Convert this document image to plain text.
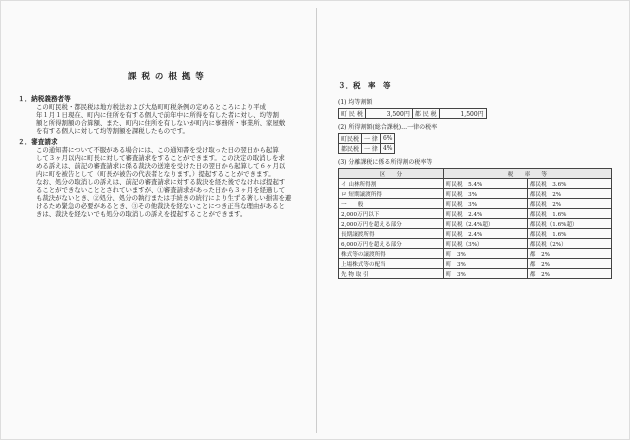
課 税 の 根 拠 等
１．納税義務者等
この町民税・都民税は地方税法および大島町町税条例の定めるところにより平成
年１月１日現在、町内に住所を有する個人で前年中に所得を有した者に対し、均等割
額と所得割額の合算額、また、町内に住所を有しないが町内に事務所・事業所、家屋敷
を有する個人に対して均等割額を課税したものです。
２．審査請求
この通知書について不服がある場合には、この通知書を受け取った日の翌日から起算
して３ヶ月以内に町長に対して審査請求をすることができます。この決定の取消しを求
める訴えは、前記の審査請求に係る裁決の送達を受けた日の翌日から起算して６ヶ月以
内に町を被告として（町長が被告の代表者となります。）提起することができます。
なお、処分の取消しの訴えは、前記の審査請求に対する裁決を経た後でなければ提起す
ることができないこととされていますが、①審査請求があった日から３ヶ月を経過して
も裁決がないとき、②処分、処分の執行または手続きの続行により生ずる著しい損害を避
けるため緊急の必要があるとき、③その他裁決を経ないことにつき正当な理由があると
きは、裁決を経ないでも処分の取消しの訴えを提起することができます。
３．税　率　等
(1) 均等割額
町 民 税	3,500円	都 民 税	1,500円
(2) 所得割額(総合課税)…一律の税率
町民税	一 律	6%
都民税	一 律	4%
(3) 分離課税に係る所得割の税率等
区　　分	税　　率　　等	
イ 山林所得割	町民税　5.4%	都民税　3.6%
ロ 短期譲渡所得	町民税　3%	都民税　2%
一　　般	町民税　3%	都民税　2%
2,000万円以下	町民税　2.4%	都民税　1.6%
2,000万円を超える部分	町民税（2.4%超）	都民税（1.6%超）
長期譲渡所得	町民税　2.4%	都民税　1.6%
6,000万円を超える部分	町民税（3%）	都民税（2%）
株式等の譲渡所得	町　3%	都　2%
上場株式等の配当	町　3%	都　2%
先 物 取 引	町　3%	都　2%
